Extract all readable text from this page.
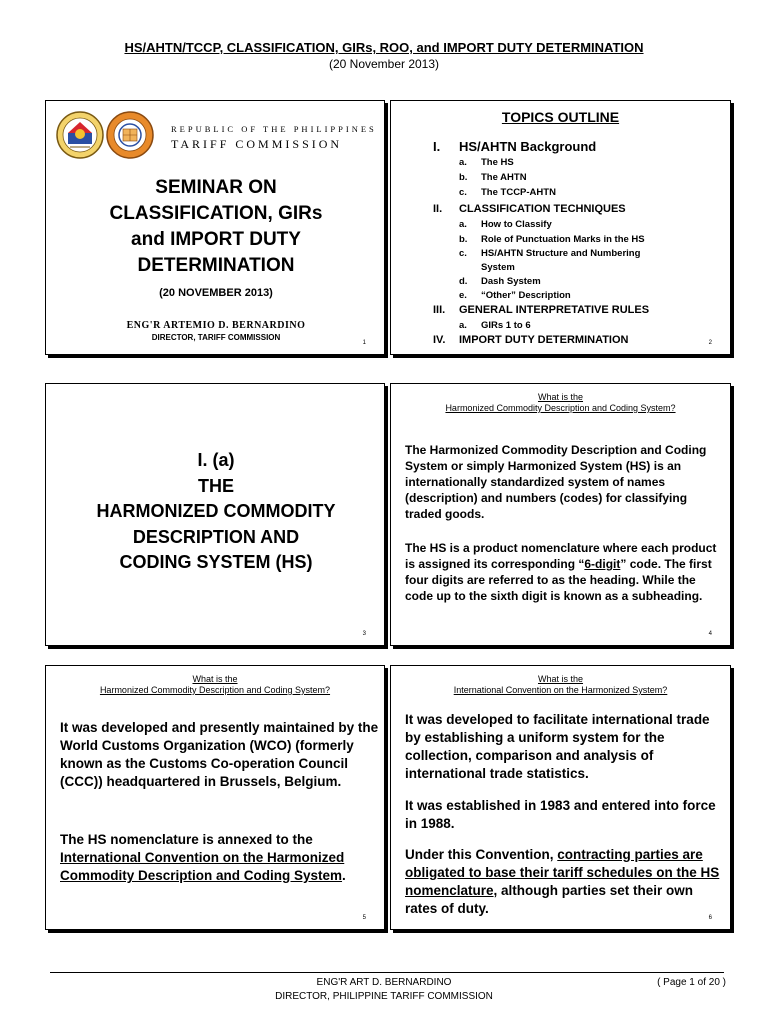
HS/AHTN/TCCP, CLASSIFICATION, GIRs, ROO, and IMPORT DUTY DETERMINATION
(20 November 2013)
REPUBLIC OF THE PHILIPPINES
TARIFF COMMISSION
SEMINAR ON
CLASSIFICATION, GIRs
and IMPORT DUTY
DETERMINATION
(20 NOVEMBER 2013)
ENG'R ARTEMIO D. BERNARDINO
DIRECTOR, TARIFF COMMISSION
1
TOPICS OUTLINE
I. HS/AHTN Background
a. The HS
b. The AHTN
c. The TCCP-AHTN
II. CLASSIFICATION TECHNIQUES
a. How to Classify
b. Role of Punctuation Marks in the HS
c. HS/AHTN Structure and Numbering
System
d. Dash System
e. “Other” Description
III. GENERAL INTERPRETATIVE RULES
a. GIRs 1 to 6
IV. IMPORT DUTY DETERMINATION	2
I. (a)
THE
HARMONIZED COMMODITY
DESCRIPTION AND
CODING SYSTEM (HS)
3
What is the
Harmonized Commodity Description and Coding System?
The Harmonized Commodity Description and Coding System or simply Harmonized System (HS) is an internationally standardized system of names (description) and numbers (codes) for classifying traded goods.
The HS is a product nomenclature where each product is assigned its corresponding “6-digit” code. The first four digits are referred to as the heading. While the code up to the sixth digit is known as a subheading.
4
What is the
Harmonized Commodity Description and Coding System?
It was developed and presently maintained by the World Customs Organization (WCO) (formerly known as the Customs Co-operation Council (CCC)) headquartered in Brussels, Belgium.
The HS nomenclature is annexed to the International Convention on the Harmonized Commodity Description and Coding System.
5
What is the
International Convention on the Harmonized System?
It was developed to facilitate international trade by establishing a uniform system for the collection, comparison and analysis of international trade statistics.
It was established in 1983 and entered into force in 1988.
Under this Convention, contracting parties are obligated to base their tariff schedules on the HS nomenclature, although parties set their own rates of duty.
6
ENG'R ART D. BERNARDINO
DIRECTOR, PHILIPPINE TARIFF COMMISSION
( Page 1 of 20 )
